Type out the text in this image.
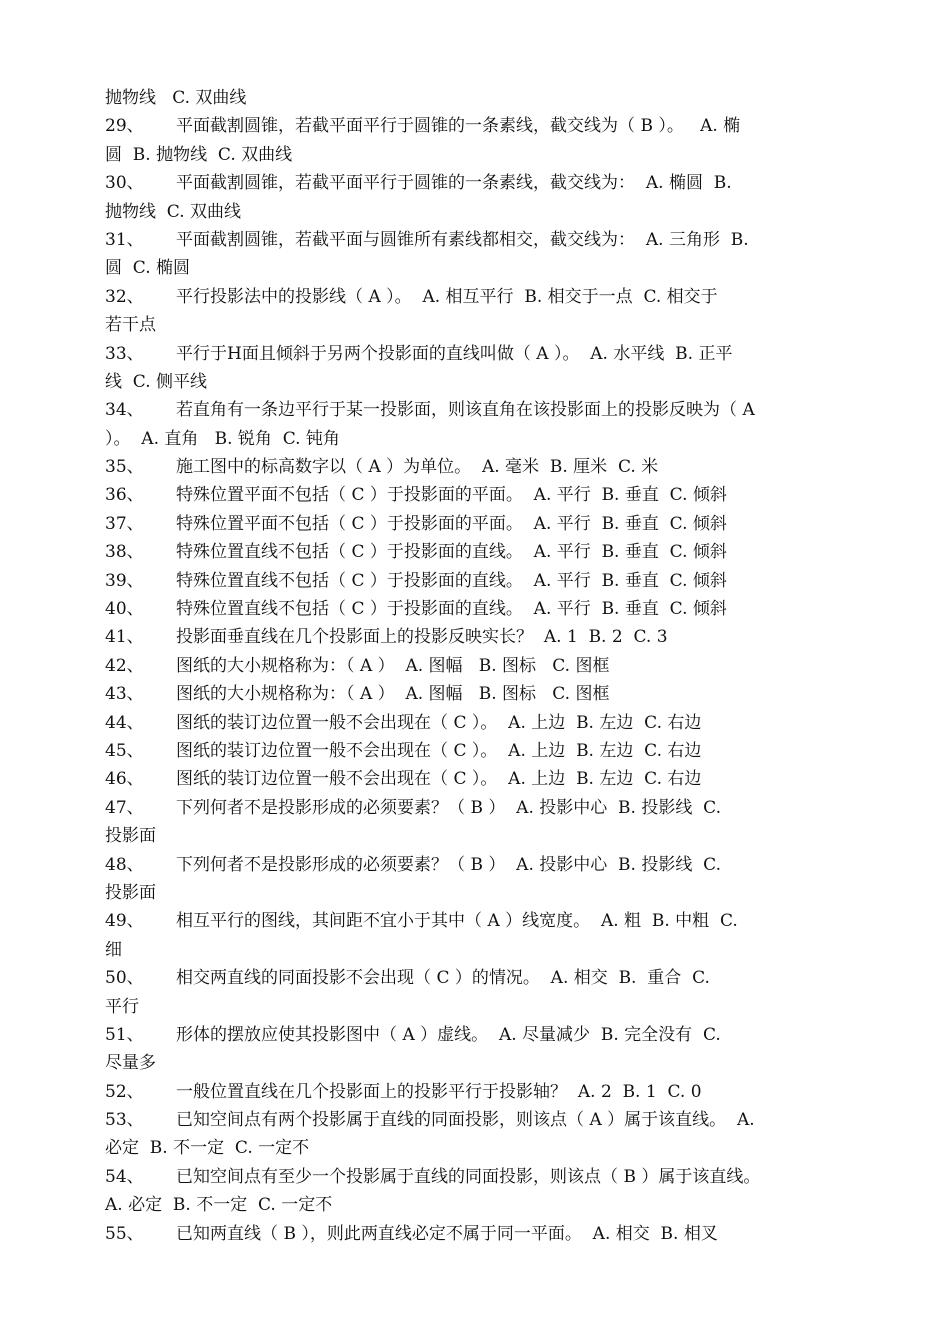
抛物线   C. 双曲线
29、      平面截割圆锥，若截平面平行于圆锥的一条素线，截交线为（ B ）。   A. 椭
圆  B. 抛物线  C. 双曲线
30、      平面截割圆锥，若截平面平行于圆锥的一条素线，截交线为：  A. 椭圆  B.
抛物线  C. 双曲线
31、      平面截割圆锥，若截平面与圆锥所有素线都相交，截交线为：  A. 三角形  B.
圆  C. 椭圆
32、      平行投影法中的投影线（ A ）。  A. 相互平行  B. 相交于一点  C. 相交于
若干点
33、      平行于H面且倾斜于另两个投影面的直线叫做（ A ）。  A. 水平线  B. 正平
线  C. 侧平线
34、      若直角有一条边平行于某一投影面，则该直角在该投影面上的投影反映为（ A
）。  A. 直角   B. 锐角  C. 钝角
35、      施工图中的标高数字以（ A ）为单位。  A. 毫米  B. 厘米  C. 米
36、      特殊位置平面不包括（ C ）于投影面的平面。  A. 平行  B. 垂直  C. 倾斜
37、      特殊位置平面不包括（ C ）于投影面的平面。  A. 平行  B. 垂直  C. 倾斜
38、      特殊位置直线不包括（ C ）于投影面的直线。  A. 平行  B. 垂直  C. 倾斜
39、      特殊位置直线不包括（ C ）于投影面的直线。  A. 平行  B. 垂直  C. 倾斜
40、      特殊位置直线不包括（ C ）于投影面的直线。  A. 平行  B. 垂直  C. 倾斜
41、      投影面垂直线在几个投影面上的投影反映实长？  A. 1  B. 2  C. 3
42、      图纸的大小规格称为：（ A ）  A. 图幅   B. 图标   C. 图框
43、      图纸的大小规格称为：（ A ）  A. 图幅   B. 图标   C. 图框
44、      图纸的装订边位置一般不会出现在（ C ）。  A. 上边  B. 左边  C. 右边
45、      图纸的装订边位置一般不会出现在（ C ）。  A. 上边  B. 左边  C. 右边
46、      图纸的装订边位置一般不会出现在（ C ）。  A. 上边  B. 左边  C. 右边
47、      下列何者不是投影形成的必须要素？（ B ）  A. 投影中心  B. 投影线  C.
投影面
48、      下列何者不是投影形成的必须要素？（ B ）  A. 投影中心  B. 投影线  C.
投影面
49、      相互平行的图线，其间距不宜小于其中（ A ）线宽度。  A. 粗  B. 中粗  C.
细
50、      相交两直线的同面投影不会出现（ C ）的情况。  A. 相交  B.  重合  C.
平行
51、      形体的摆放应使其投影图中（ A ）虚线。  A. 尽量减少  B. 完全没有  C.
尽量多
52、      一般位置直线在几个投影面上的投影平行于投影轴？  A. 2  B. 1  C. 0
53、      已知空间点有两个投影属于直线的同面投影，则该点（ A ）属于该直线。  A.
必定  B. 不一定  C. 一定不
54、      已知空间点有至少一个投影属于直线的同面投影，则该点（ B ）属于该直线。
A. 必定  B. 不一定  C. 一定不
55、      已知两直线（ B ），则此两直线必定不属于同一平面。  A. 相交  B. 相叉
